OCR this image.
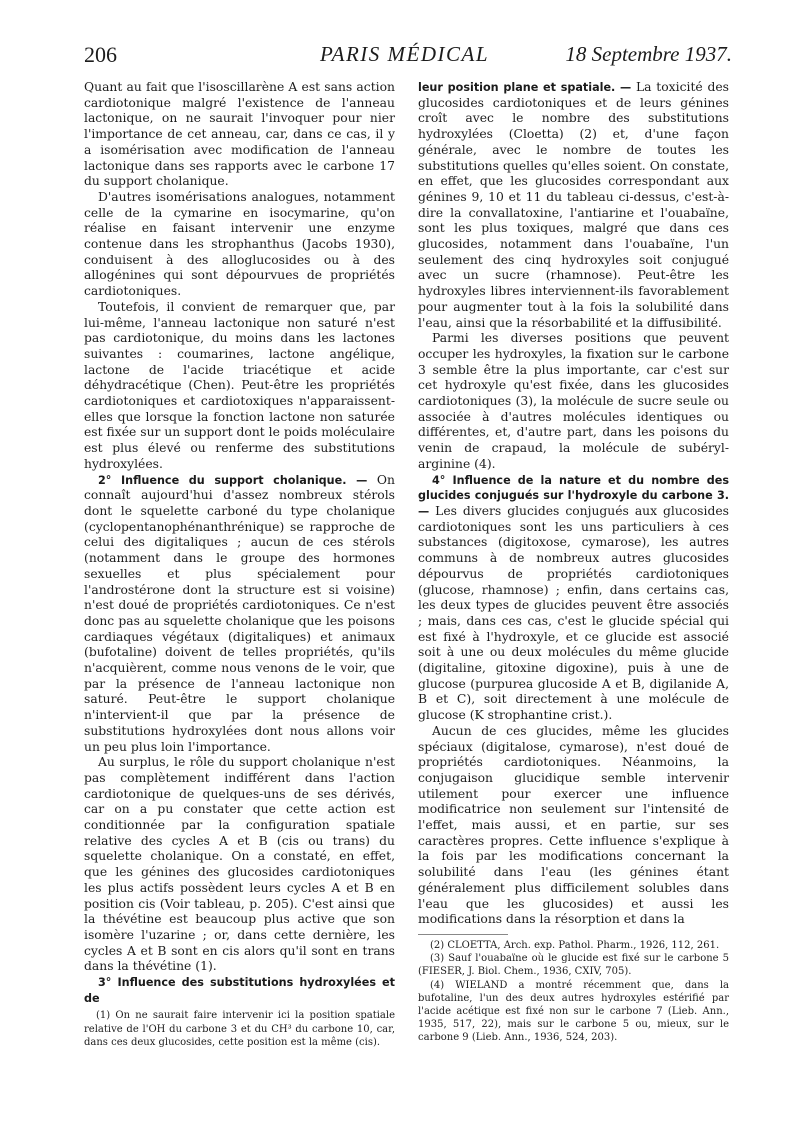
206	PARIS MÉDICAL	18 Septembre 1937.

Quant au fait que l'isoscillarène A est sans action cardiotonique malgré l'existence de l'anneau lactonique, on ne saurait l'invoquer pour nier l'importance de cet anneau, car, dans ce cas, il y a isomérisation avec modification de l'anneau lactonique dans ses rapports avec le carbone 17 du support cholanique.

D'autres isomérisations analogues, notamment celle de la cymarine en isocymarine, qu'on réalise en faisant intervenir une enzyme contenue dans les strophanthus (Jacobs 1930), conduisent à des alloglucosides ou à des allogénines qui sont dépourvues de propriétés cardiotoniques.

Toutefois, il convient de remarquer que, par lui-même, l'anneau lactonique non saturé n'est pas cardiotonique, du moins dans les lactones suivantes : coumarines, lactone angélique, lactone de l'acide triacétique et acide déhydracétique (Chen). Peut-être les propriétés cardiotoniques et cardiotoxiques n'apparaissent-elles que lorsque la fonction lactone non saturée est fixée sur un support dont le poids moléculaire est plus élevé ou renferme des substitutions hydroxylées.

2° Influence du support cholanique. — On connaît aujourd'hui d'assez nombreux stérols dont le squelette carboné du type cholanique (cyclopentanophénanthrénique) se rapproche de celui des digitaliques ; aucun de ces stérols (notamment dans le groupe des hormones sexuelles et plus spécialement pour l'androstérone dont la structure est si voisine) n'est doué de propriétés cardiotoniques. Ce n'est donc pas au squelette cholanique que les poisons cardiaques végétaux (digitaliques) et animaux (bufotaline) doivent de telles propriétés, qu'ils n'acquièrent, comme nous venons de le voir, que par la présence de l'anneau lactonique non saturé. Peut-être le support cholanique n'intervient-il que par la présence de substitutions hydroxylées dont nous allons voir un peu plus loin l'importance.

Au surplus, le rôle du support cholanique n'est pas complètement indifférent dans l'action cardiotonique de quelques-uns de ses dérivés, car on a pu constater que cette action est conditionnée par la configuration spatiale relative des cycles A et B (cis ou trans) du squelette cholanique. On a constaté, en effet, que les génines des glucosides cardiotoniques les plus actifs possèdent leurs cycles A et B en position cis (Voir tableau, p. 205). C'est ainsi que la thévétine est beaucoup plus active que son isomère l'uzarine ; or, dans cette dernière, les cycles A et B sont en cis alors qu'il sont en trans dans la thévétine (1).

3° Influence des substitutions hydroxylées et de

(1) On ne saurait faire intervenir ici la position spatiale relative de l'OH du carbone 3 et du CH³ du carbone 10, car, dans ces deux glucosides, cette position est la même (cis).

leur position plane et spatiale. — La toxicité des glucosides cardiotoniques et de leurs génines croît avec le nombre des substitutions hydroxylées (Cloetta) (2) et, d'une façon générale, avec le nombre de toutes les substitutions quelles qu'elles soient. On constate, en effet, que les glucosides correspondant aux génines 9, 10 et 11 du tableau ci-dessus, c'est-à-dire la convallatoxine, l'antiarine et l'ouabaïne, sont les plus toxiques, malgré que dans ces glucosides, notamment dans l'ouabaïne, l'un seulement des cinq hydroxyles soit conjugué avec un sucre (rhamnose). Peut-être les hydroxyles libres interviennent-ils favorablement pour augmenter tout à la fois la solubilité dans l'eau, ainsi que la résorbabilité et la diffusibilité.

Parmi les diverses positions que peuvent occuper les hydroxyles, la fixation sur le carbone 3 semble être la plus importante, car c'est sur cet hydroxyle qu'est fixée, dans les glucosides cardiotoniques (3), la molécule de sucre seule ou associée à d'autres molécules identiques ou différentes, et, d'autre part, dans les poisons du venin de crapaud, la molécule de subéryl-arginine (4).

4° Influence de la nature et du nombre des glucides conjugués sur l'hydroxyle du carbone 3. — Les divers glucides conjugués aux glucosides cardiotoniques sont les uns particuliers à ces substances (digitoxose, cymarose), les autres communs à de nombreux autres glucosides dépourvus de propriétés cardiotoniques (glucose, rhamnose) ; enfin, dans certains cas, les deux types de glucides peuvent être associés ; mais, dans ces cas, c'est le glucide spécial qui est fixé à l'hydroxyle, et ce glucide est associé soit à une ou deux molécules du même glucide (digitaline, gitoxine digoxine), puis à une de glucose (purpurea glucoside A et B, digilanide A, B et C), soit directement à une molécule de glucose (K strophantine crist.).

Aucun de ces glucides, même les glucides spéciaux (digitalose, cymarose), n'est doué de propriétés cardiotoniques. Néanmoins, la conjugaison glucidique semble intervenir utilement pour exercer une influence modificatrice non seulement sur l'intensité de l'effet, mais aussi, et en partie, sur ses caractères propres. Cette influence s'explique à la fois par les modifications concernant la solubilité dans l'eau (les génines étant généralement plus difficilement solubles dans l'eau que les glucosides) et aussi les modifications dans la résorption et dans la

(2) CLOETTA, Arch. exp. Pathol. Pharm., 1926, 112, 261.

(3) Sauf l'ouabaïne où le glucide est fixé sur le carbone 5 (FIESER, J. Biol. Chem., 1936, CXIV, 705).

(4) WIELAND a montré récemment que, dans la bufotaline, l'un des deux autres hydroxyles estérifié par l'acide acétique est fixé non sur le carbone 7 (Lieb. Ann., 1935, 517, 22), mais sur le carbone 5 ou, mieux, sur le carbone 9 (Lieb. Ann., 1936, 524, 203).
